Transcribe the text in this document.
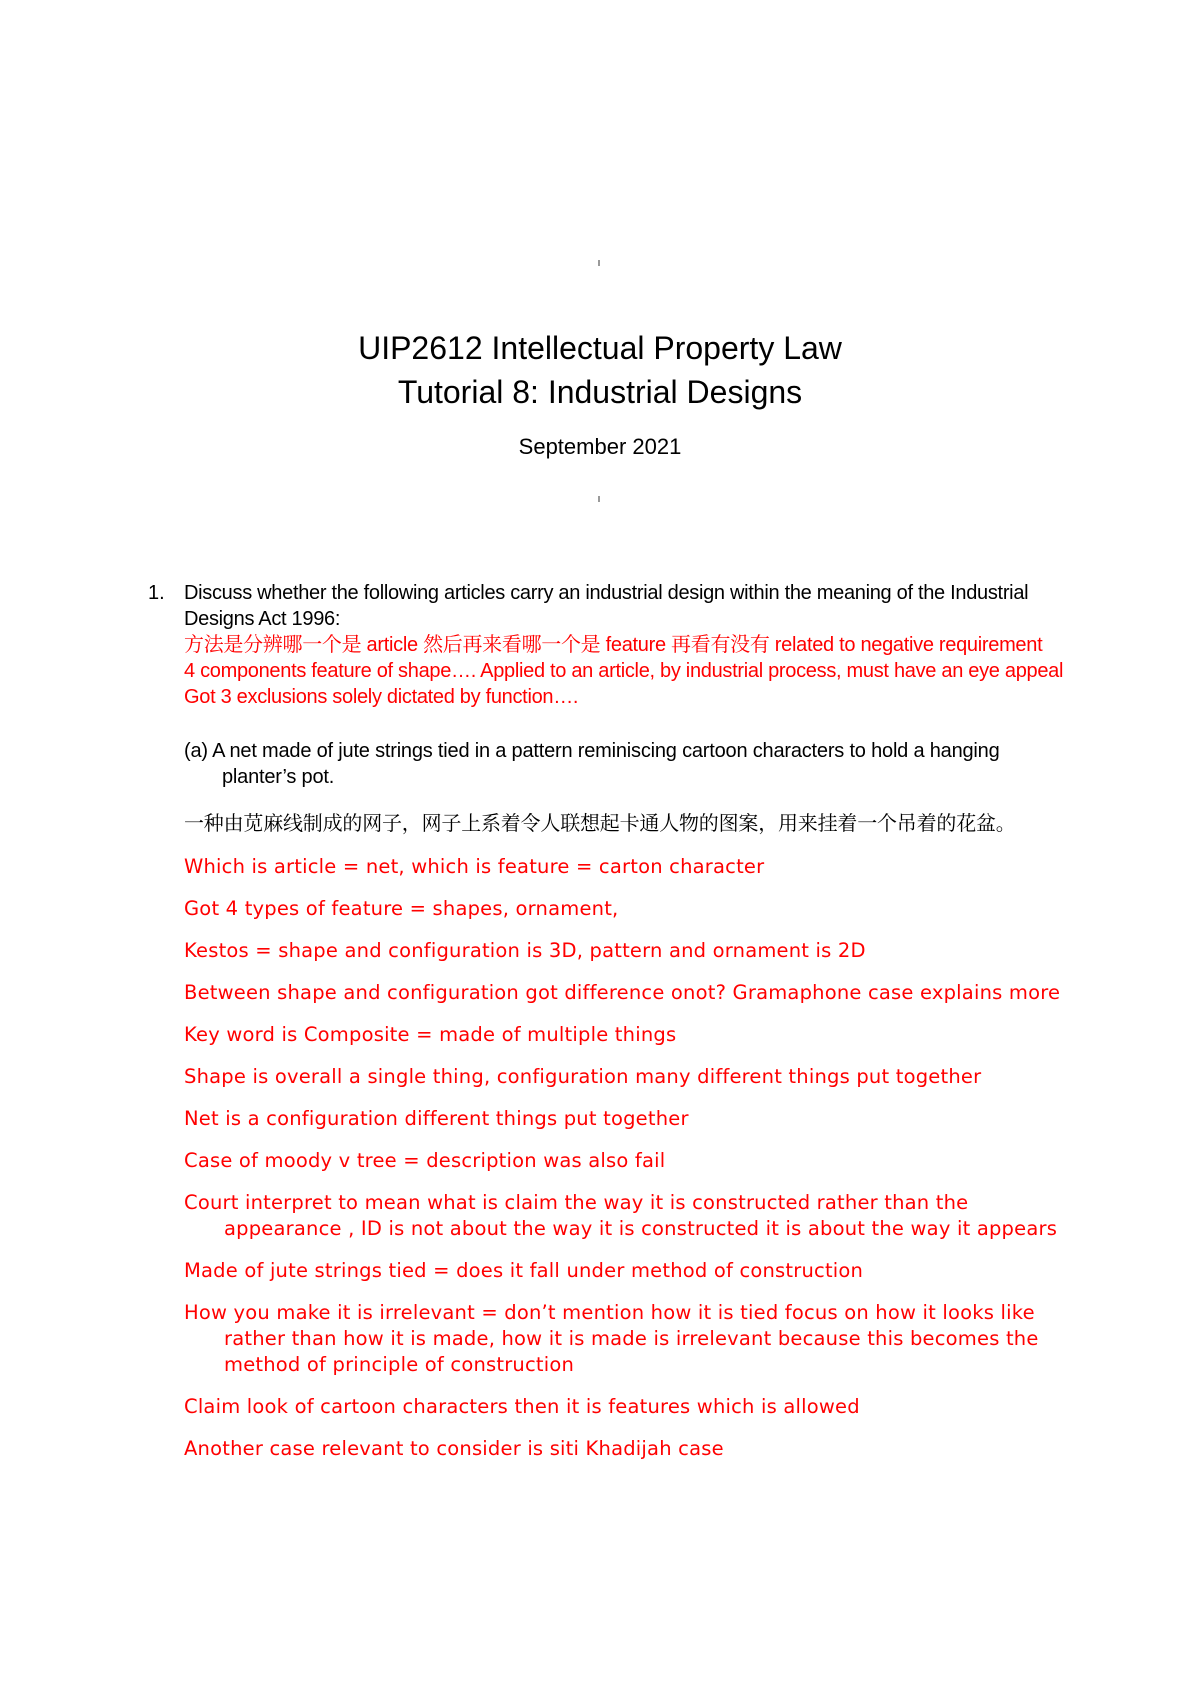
UIP2612 Intellectual Property Law
Tutorial 8: Industrial Designs
September 2021
1. Discuss whether the following articles carry an industrial design within the meaning of the Industrial Designs Act 1996:
方法是分辨哪一个是 article 然后再来看哪一个是 feature 再看有没有 related to negative requirement
4 components feature of shape…. Applied to an article, by industrial process, must have an eye appeal
Got 3 exclusions solely dictated by function….
(a) A net made of jute strings tied in a pattern reminiscing cartoon characters to hold a hanging planter’s pot.
一种由苋麻线制成的网子，网子上系着令人联想起卡通人物的图案，用来挂着一个吊着的花盆。
Which is article = net, which is feature = carton character
Got 4 types of feature = shapes, ornament,
Kestos = shape and configuration is 3D, pattern and ornament is 2D
Between shape and configuration got difference onot? Gramaphone case explains more
Key word is Composite = made of multiple things
Shape is overall a single thing, configuration many different things put together
Net is a configuration different things put together
Case of moody v tree = description was also fail
Court interpret to mean what is claim the way it is constructed rather than the appearance , ID is not about the way it is constructed it is about the way it appears
Made of jute strings tied = does it fall under method of construction
How you make it is irrelevant = don’t mention how it is tied focus on how it looks like rather than how it is made, how it is made is irrelevant because this becomes the method of principle of construction
Claim look of cartoon characters then it is features which is allowed
Another case relevant to consider is siti Khadijah case
